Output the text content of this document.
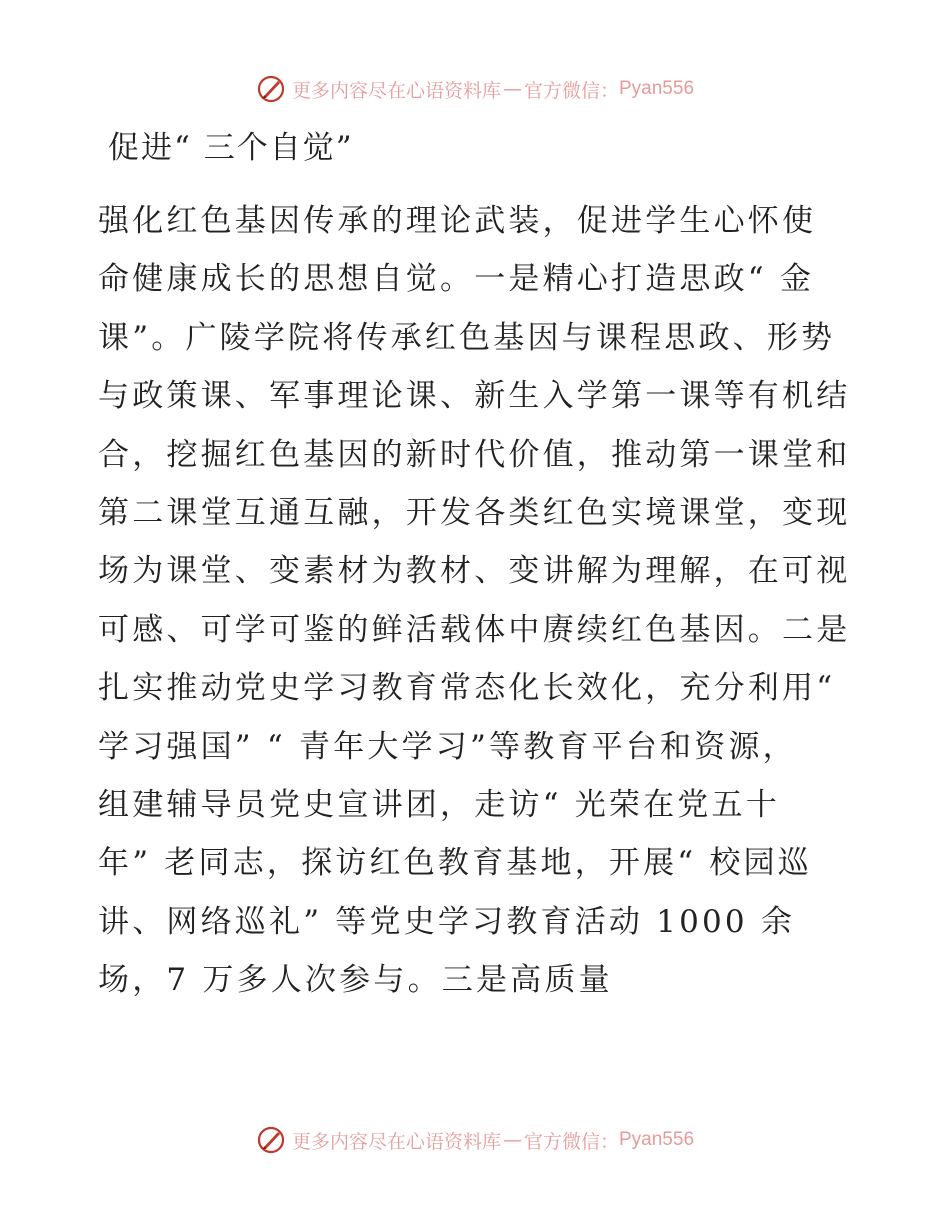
更多内容尽在心语资料库 — 官方微信： Pyan556
促进“ 三个自觉”
强化红色基因传承的理论武装，促进学生心怀使
命健康成长的思想自觉。一是精心打造思政“ 金
课”。广陵学院将传承红色基因与课程思政、形势
与政策课、军事理论课、新生入学第一课等有机结
合，挖掘红色基因的新时代价值，推动第一课堂和
第二课堂互通互融，开发各类红色实境课堂，变现
场为课堂、变素材为教材、变讲解为理解，在可视
可感、可学可鉴的鲜活载体中赓续红色基因。二是
扎实推动党史学习教育常态化长效化，充分利用“
学习强国” “ 青年大学习”等教育平台和资源，
组建辅导员党史宣讲团，走访“ 光荣在党五十
年” 老同志，探访红色教育基地，开展“ 校园巡
讲、网络巡礼” 等党史学习教育活动 1000 余
场，7 万多人次参与。三是高质量
更多内容尽在心语资料库 — 官方微信： Pyan556
